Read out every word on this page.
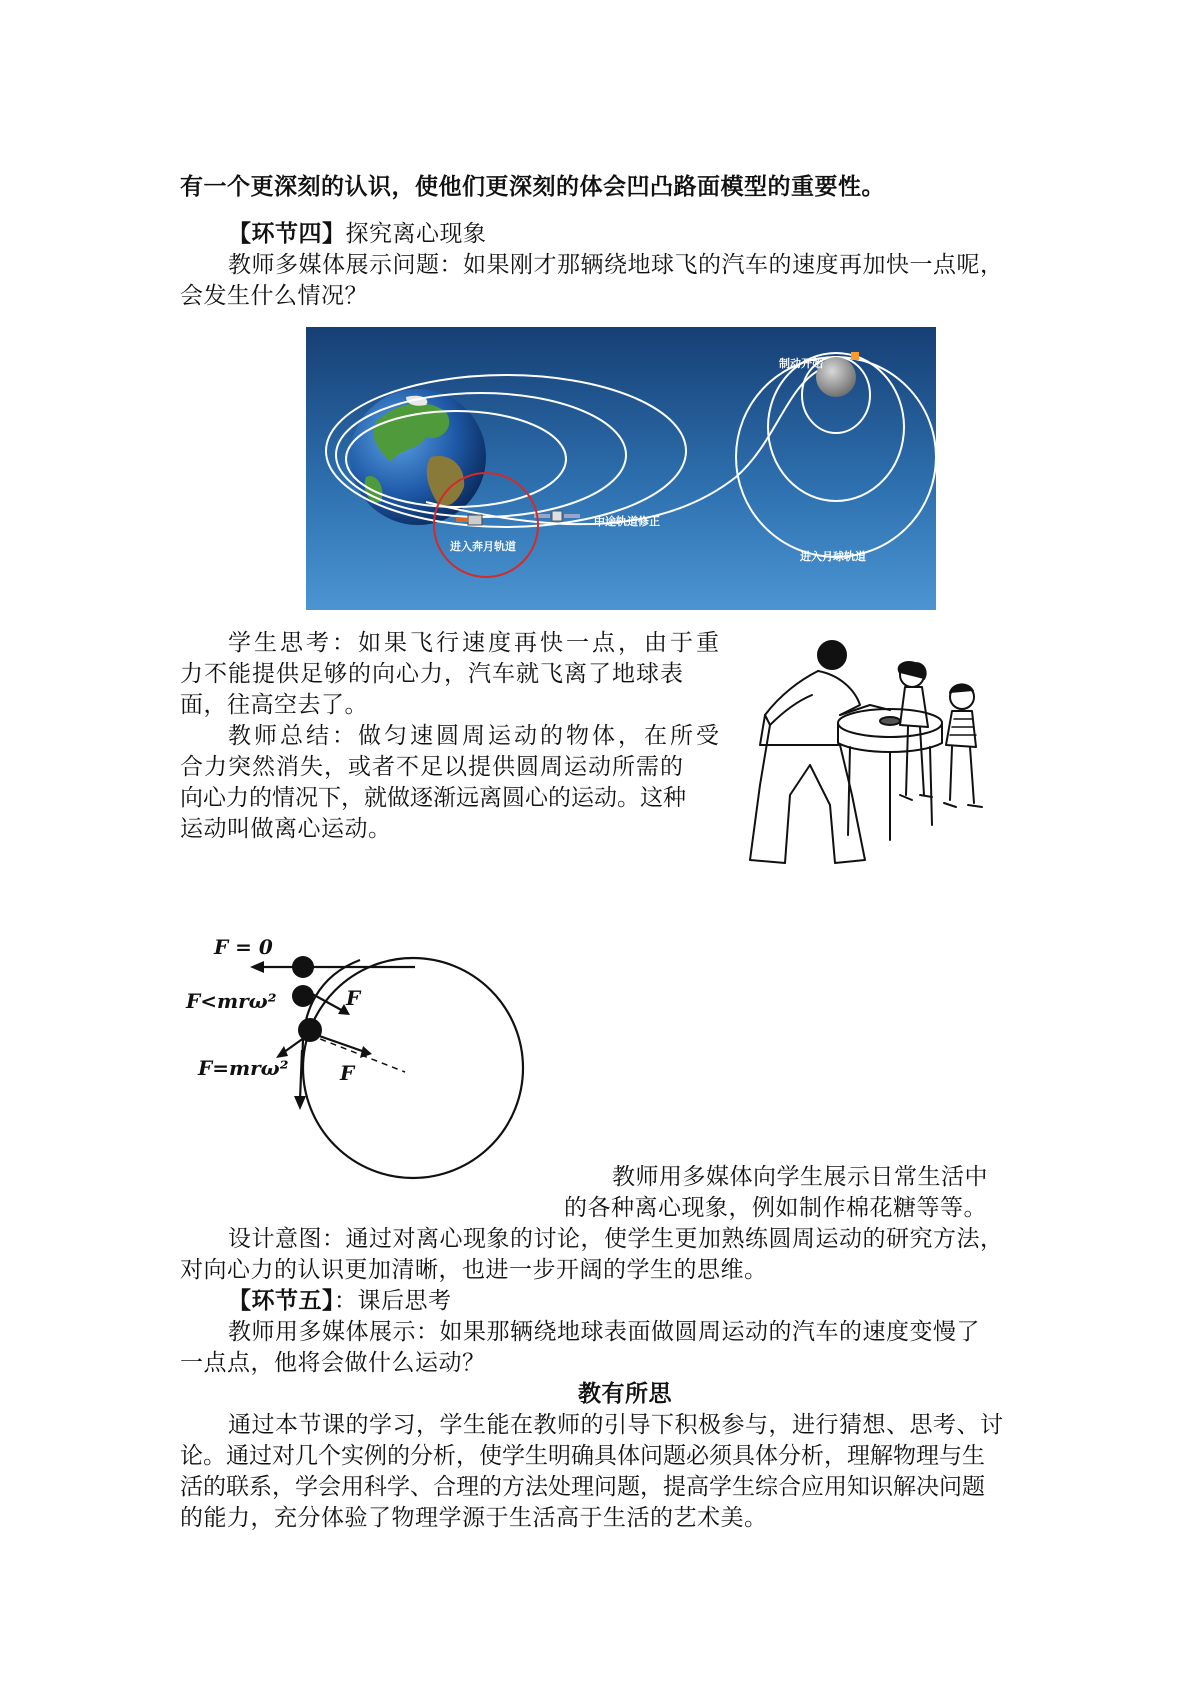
有一个更深刻的认识，使他们更深刻的体会凹凸路面模型的重要性。
【环节四】探究离心现象
教师多媒体展示问题：如果刚才那辆绕地球飞的汽车的速度再加快一点呢，
会发生什么情况？
制动开始
中途轨道修正
进入奔月轨道
进入月球轨道
学生思考：如果飞行速度再快一点，由于重
力不能提供足够的向心力，汽车就飞离了地球表
面，往高空去了。
教师总结：做匀速圆周运动的物体，在所受
合力突然消失，或者不足以提供圆周运动所需的
向心力的情况下，就做逐渐远离圆心的运动。这种
运动叫做离心运动。
F = 0
F<mrω²
F=mrω²
F
F
教师用多媒体向学生展示日常生活中
的各种离心现象，例如制作棉花糖等等。
设计意图：通过对离心现象的讨论，使学生更加熟练圆周运动的研究方法，
对向心力的认识更加清晰，也进一步开阔的学生的思维。
【环节五】：课后思考
教师用多媒体展示：如果那辆绕地球表面做圆周运动的汽车的速度变慢了
一点点，他将会做什么运动？
教有所思
通过本节课的学习，学生能在教师的引导下积极参与，进行猜想、思考、讨
论。通过对几个实例的分析，使学生明确具体问题必须具体分析，理解物理与生
活的联系，学会用科学、合理的方法处理问题，提高学生综合应用知识解决问题
的能力，充分体验了物理学源于生活高于生活的艺术美。
